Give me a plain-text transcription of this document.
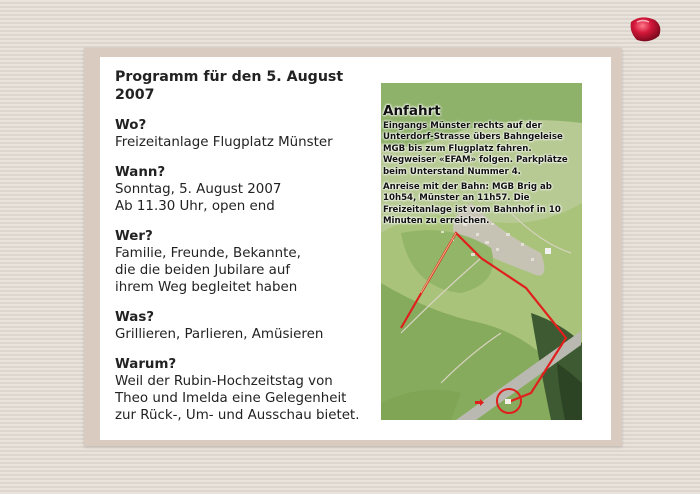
Programm für den 5. August 2007
Wo?
Freizeitanlage Flugplatz Münster
Wann?
Sonntag, 5. August 2007
Ab 11.30 Uhr, open end
Wer?
Familie, Freunde, Bekannte,
die die beiden Jubilare auf
ihrem Weg begleitet haben
Was?
Grillieren, Parlieren, Amüsieren
Warum?
Weil der Rubin-Hochzeitstag von
Theo und Imelda eine Gelegenheit
zur Rück-, Um- und Ausschau bietet.
Anfahrt

Eingangs Münster rechts auf der Unterdorf-Strasse übers Bahngeleise MGB bis zum Flugplatz fahren. Wegweiser «EFAM» folgen. Parkplätze beim Unterstand Nummer 4.

Anreise mit der Bahn: MGB Brig ab 10h54, Münster an 11h57. Die Freizeitanlage ist vom Bahnhof in 10 Minuten zu erreichen.
